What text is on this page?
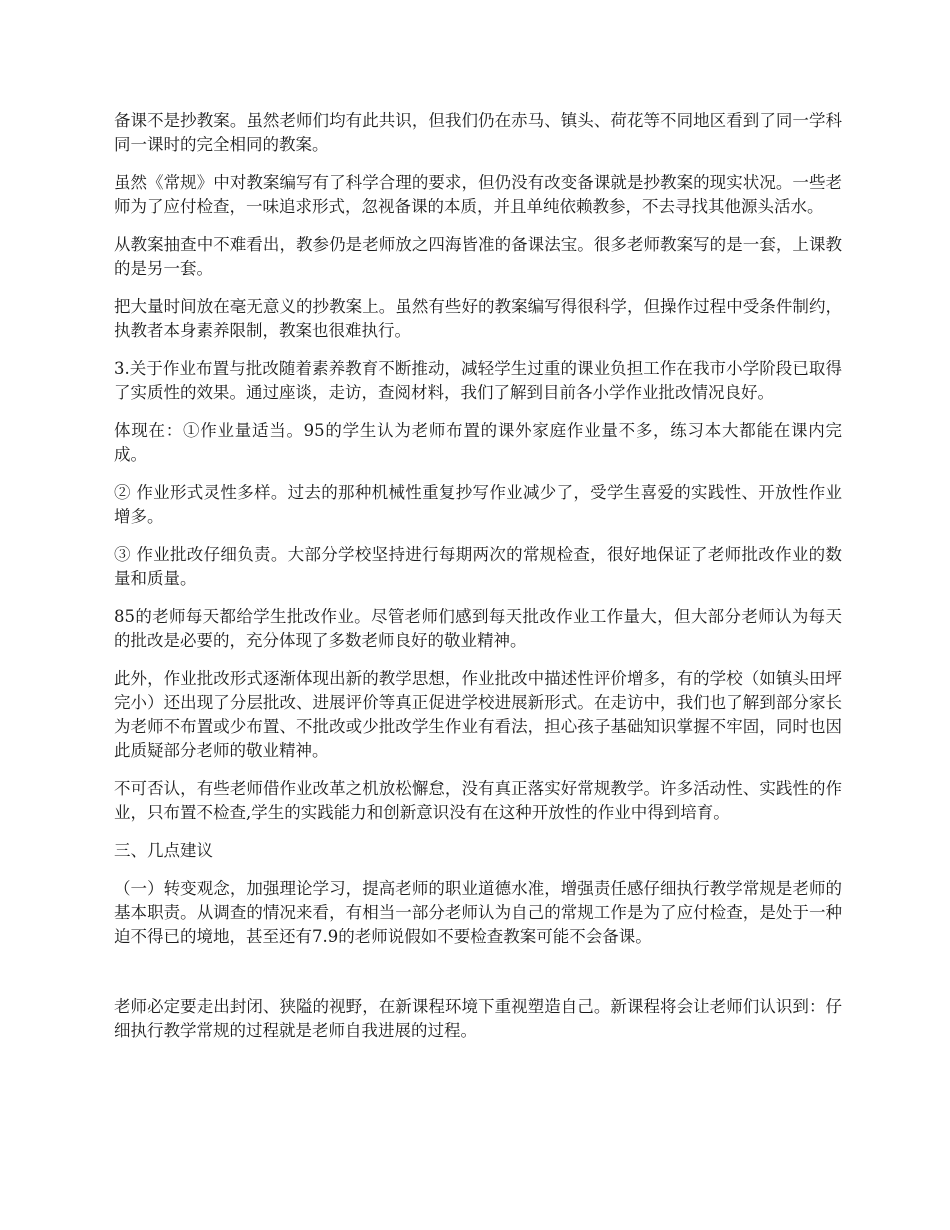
备课不是抄教案。虽然老师们均有此共识，但我们仍在赤马、镇头、荷花等不同地区看到了同一学科同一课时的完全相同的教案。

虽然《常规》中对教案编写有了科学合理的要求，但仍没有改变备课就是抄教案的现实状况。一些老师为了应付检查，一味追求形式，忽视备课的本质，并且单纯依赖教参，不去寻找其他源头活水。

从教案抽查中不难看出，教参仍是老师放之四海皆准的备课法宝。很多老师教案写的是一套，上课教的是另一套。

把大量时间放在毫无意义的抄教案上。虽然有些好的教案编写得很科学，但操作过程中受条件制约，执教者本身素养限制，教案也很难执行。

3.关于作业布置与批改随着素养教育不断推动，减轻学生过重的课业负担工作在我市小学阶段已取得了实质性的效果。通过座谈，走访，查阅材料，我们了解到目前各小学作业批改情况良好。

体现在：①作业量适当。95的学生认为老师布置的课外家庭作业量不多，练习本大都能在课内完成。

② 作业形式灵性多样。过去的那种机械性重复抄写作业减少了，受学生喜爱的实践性、开放性作业增多。

③ 作业批改仔细负责。大部分学校坚持进行每期两次的常规检查，很好地保证了老师批改作业的数量和质量。

85的老师每天都给学生批改作业。尽管老师们感到每天批改作业工作量大，但大部分老师认为每天的批改是必要的，充分体现了多数老师良好的敬业精神。

此外，作业批改形式逐渐体现出新的教学思想，作业批改中描述性评价增多，有的学校（如镇头田坪完小）还出现了分层批改、进展评价等真正促进学校进展新形式。在走访中，我们也了解到部分家长为老师不布置或少布置、不批改或少批改学生作业有看法，担心孩子基础知识掌握不牢固，同时也因此质疑部分老师的敬业精神。

不可否认，有些老师借作业改革之机放松懈怠，没有真正落实好常规教学。许多活动性、实践性的作业，只布置不检查,学生的实践能力和创新意识没有在这种开放性的作业中得到培育。

三、几点建议

（一）转变观念，加强理论学习，提高老师的职业道德水准，增强责任感仔细执行教学常规是老师的基本职责。从调查的情况来看，有相当一部分老师认为自己的常规工作是为了应付检查，是处于一种迫不得已的境地，甚至还有7.9的老师说假如不要检查教案可能不会备课。

老师必定要走出封闭、狭隘的视野，在新课程环境下重视塑造自己。新课程将会让老师们认识到：仔细执行教学常规的过程就是老师自我进展的过程。
